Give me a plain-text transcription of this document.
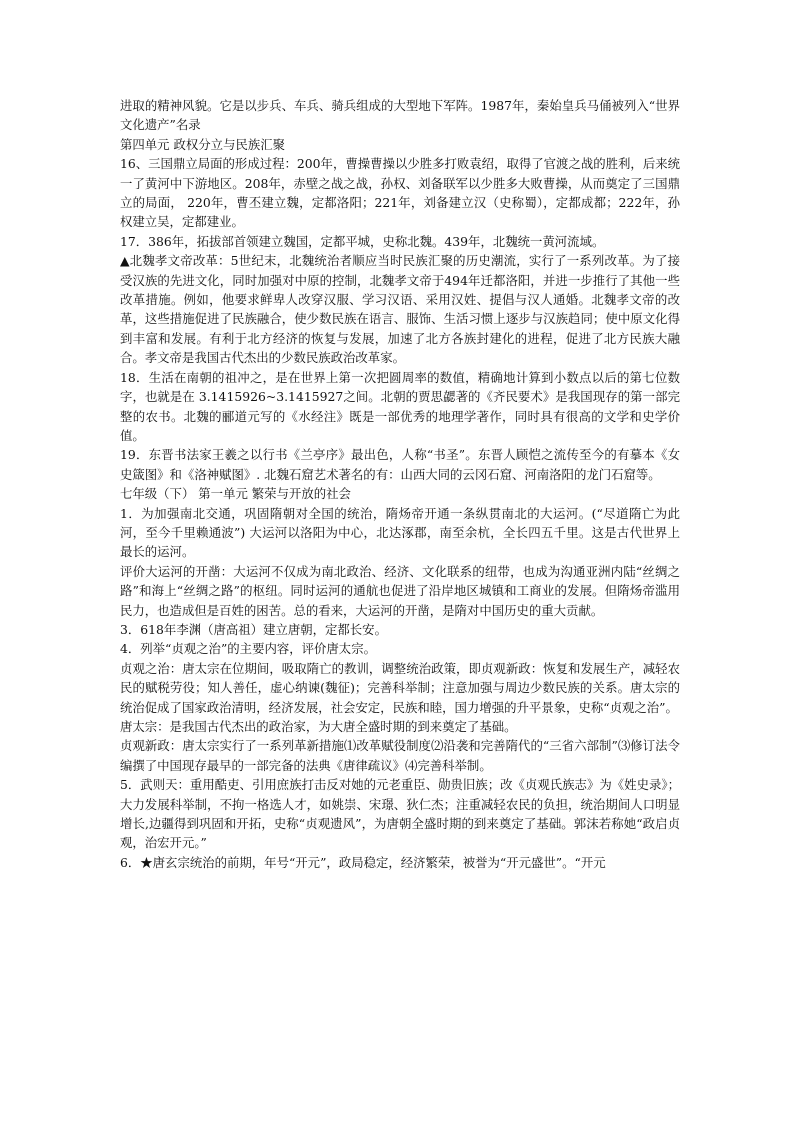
进取的精神风貌。它是以步兵、车兵、骑兵组成的大型地下军阵。1987年，秦始皇兵马俑被列入“世界文化遗产”名录

第四单元 政权分立与民族汇聚

16、三国鼎立局面的形成过程：200年，曹操曹操以少胜多打败袁绍，取得了官渡之战的胜利，后来统一了黄河中下游地区。208年，赤壁之战之战，孙权、刘备联军以少胜多大败曹操，从而奠定了三国鼎立的局面， 220年，曹丕建立魏，定都洛阳；221年，刘备建立汉（史称蜀），定都成都；222年，孙权建立吴，定都建业。

17．386年，拓拔部首领建立魏国，定都平城，史称北魏。439年，北魏统一黄河流域。

▲北魏孝文帝改革：5世纪末，北魏统治者顺应当时民族汇聚的历史潮流，实行了一系列改革。为了接受汉族的先进文化，同时加强对中原的控制，北魏孝文帝于494年迁都洛阳，并进一步推行了其他一些改革措施。例如，他要求鲜卑人改穿汉服、学习汉语、采用汉姓、提倡与汉人通婚。北魏孝文帝的改革，这些措施促进了民族融合，使少数民族在语言、服饰、生活习惯上逐步与汉族趋同；使中原文化得到丰富和发展。有利于北方经济的恢复与发展，加速了北方各族封建化的进程，促进了北方民族大融合。孝文帝是我国古代杰出的少数民族政治改革家。

18．生活在南朝的祖冲之，是在世界上第一次把圆周率的数值，精确地计算到小数点以后的第七位数字，也就是在 3.1415926~3.1415927之间。北朝的贾思勰著的《齐民要术》是我国现存的第一部完整的农书。北魏的郦道元写的《水经注》既是一部优秀的地理学著作，同时具有很高的文学和史学价值。

19．东晋书法家王羲之以行书《兰亭序》最出色，人称“书圣”。东晋人顾恺之流传至今的有摹本《女史箴图》和《洛神赋图》. 北魏石窟艺术著名的有：山西大同的云冈石窟、河南洛阳的龙门石窟等。

七年级（下） 第一单元 繁荣与开放的社会

1．为加强南北交通，巩固隋朝对全国的统治，隋炀帝开通一条纵贯南北的大运河。(“尽道隋亡为此河，至今千里赖通波”) 大运河以洛阳为中心，北达涿郡，南至余杭，全长四五千里。这是古代世界上最长的运河。

评价大运河的开凿：大运河不仅成为南北政治、经济、文化联系的纽带，也成为沟通亚洲内陆“丝绸之路”和海上“丝绸之路”的枢纽。同时运河的通航也促进了沿岸地区城镇和工商业的发展。但隋炀帝滥用民力，也造成但是百姓的困苦。总的看来，大运河的开凿，是隋对中国历史的重大贡献。

3．618年李渊（唐高祖）建立唐朝，定都长安。

4．列举“贞观之治”的主要内容，评价唐太宗。

贞观之治：唐太宗在位期间，吸取隋亡的教训，调整统治政策，即贞观新政：恢复和发展生产，减轻农民的赋税劳役；知人善任，虚心纳谏(魏征)；完善科举制；注意加强与周边少数民族的关系。唐太宗的统治促成了国家政治清明，经济发展，社会安定，民族和睦，国力增强的升平景象，史称“贞观之治”。

唐太宗：是我国古代杰出的政治家，为大唐全盛时期的到来奠定了基础。

贞观新政：唐太宗实行了一系列革新措施⑴改革赋役制度⑵沿袭和完善隋代的“三省六部制”⑶修订法令编撰了中国现存最早的一部完备的法典《唐律疏议》⑷完善科举制。

5．武则天：重用酷吏、引用庶族打击反对她的元老重臣、勋贵旧族；改《贞观氏族志》为《姓史录》；大力发展科举制，不拘一格选人才，如姚崇、宋璟、狄仁杰；注重减轻农民的负担，统治期间人口明显增长,边疆得到巩固和开拓，史称“贞观遗风”，为唐朝全盛时期的到来奠定了基础。郭沫若称她“政启贞观，治宏开元。”

6．★唐玄宗统治的前期，年号“开元”，政局稳定，经济繁荣，被誉为“开元盛世”。“开元
